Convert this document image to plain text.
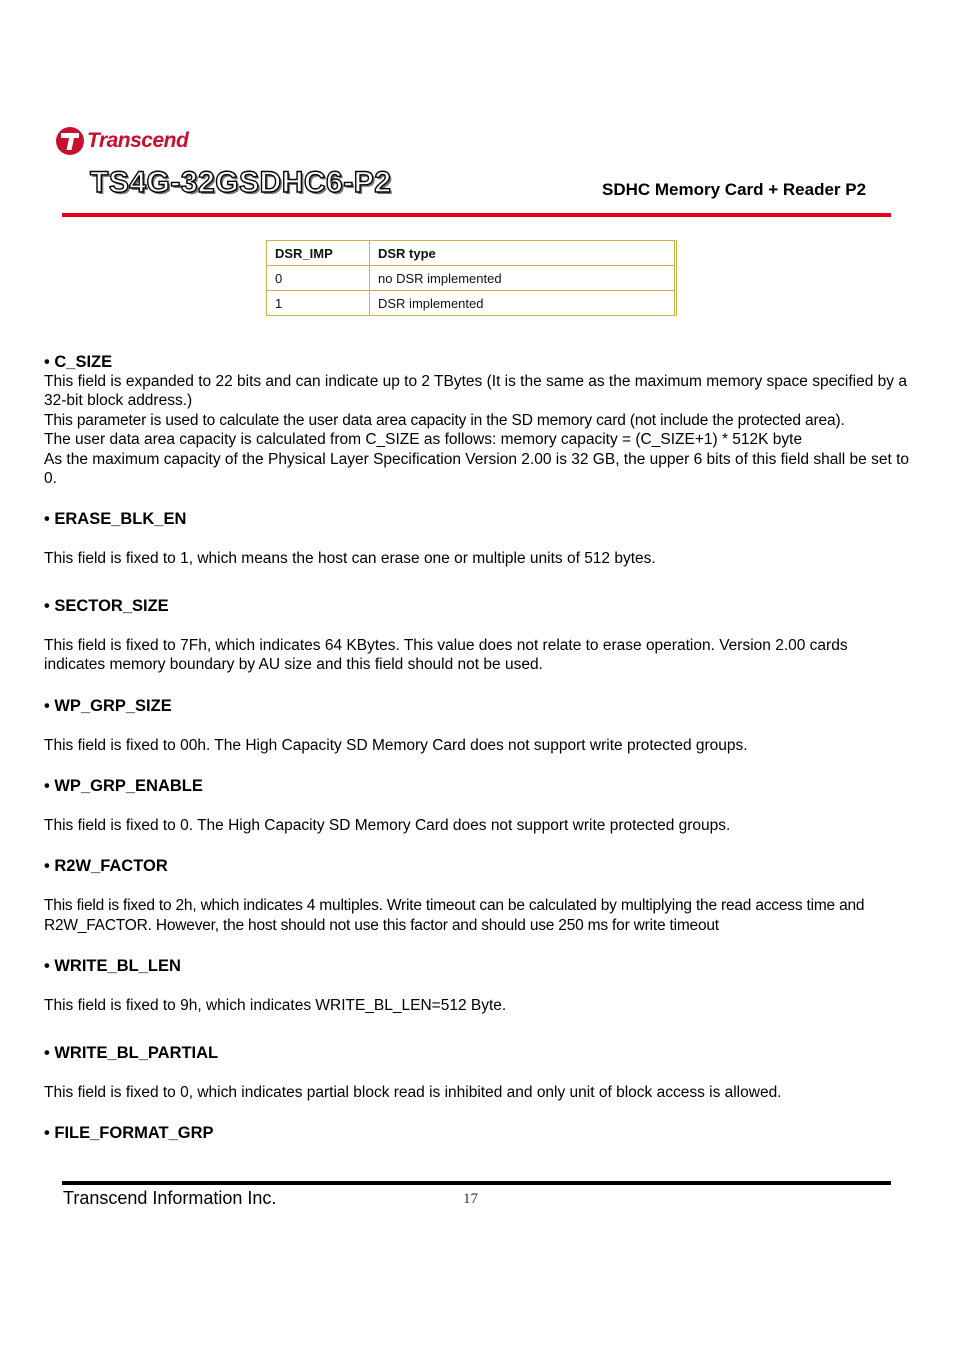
Transcend
TS4G-32GSDHC6-P2	SDHC Memory Card + Reader P2
DSR_IMP	DSR type
0	no DSR implemented
1	DSR implemented

• C_SIZE

This field is expanded to 22 bits and can indicate up to 2 TBytes (It is the same as the maximum memory space specified by a 32-bit block address.)

This parameter is used to calculate the user data area capacity in the SD memory card (not include the protected area).

The user data area capacity is calculated from C_SIZE as follows: memory capacity = (C_SIZE+1) * 512K byte

As the maximum capacity of the Physical Layer Specification Version 2.00 is 32 GB, the upper 6 bits of this field shall be set to 0.

• ERASE_BLK_EN

This field is fixed to 1, which means the host can erase one or multiple units of 512 bytes.

• SECTOR_SIZE

This field is fixed to 7Fh, which indicates 64 KBytes. This value does not relate to erase operation. Version 2.00 cards indicates memory boundary by AU size and this field should not be used.

• WP_GRP_SIZE

This field is fixed to 00h. The High Capacity SD Memory Card does not support write protected groups.

• WP_GRP_ENABLE

This field is fixed to 0. The High Capacity SD Memory Card does not support write protected groups.

• R2W_FACTOR

This field is fixed to 2h, which indicates 4 multiples. Write timeout can be calculated by multiplying the read access time and R2W_FACTOR. However, the host should not use this factor and should use 250 ms for write timeout

• WRITE_BL_LEN

This field is fixed to 9h, which indicates WRITE_BL_LEN=512 Byte.

• WRITE_BL_PARTIAL

This field is fixed to 0, which indicates partial block read is inhibited and only unit of block access is allowed.

• FILE_FORMAT_GRP

Transcend Information Inc.	17
